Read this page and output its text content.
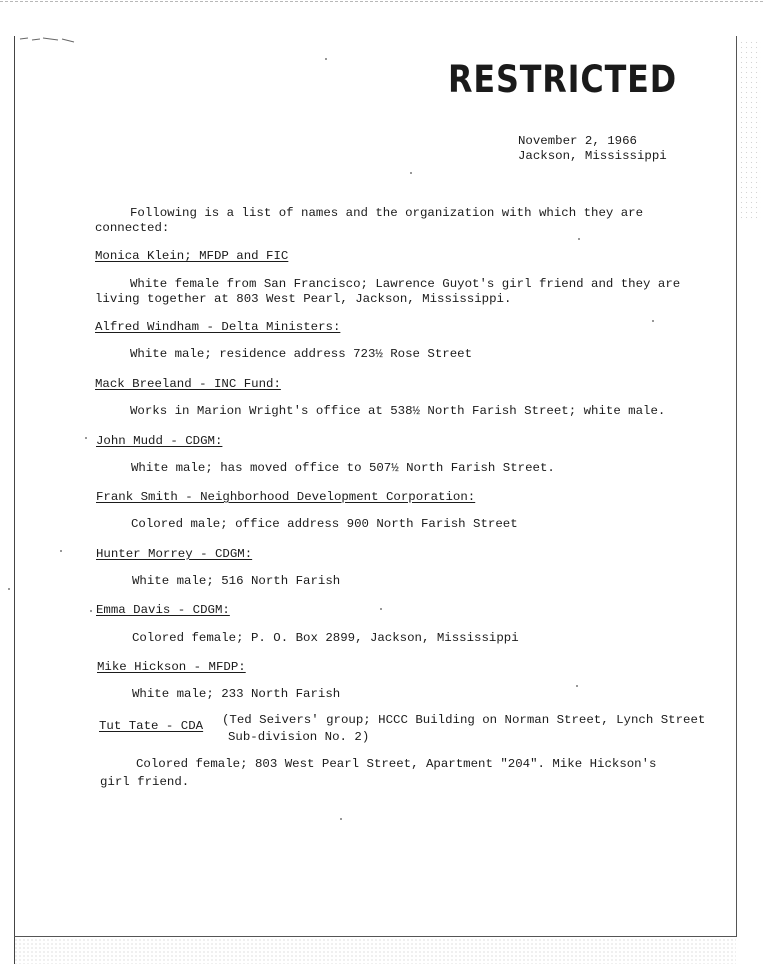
RESTRICTED
November 2, 1966
Jackson, Mississippi
Following is a list of names and the organization with which they are
connected:
Monica Klein; MFDP and FIC
White female from San Francisco; Lawrence Guyot's girl friend and they are
living together at 803 West Pearl, Jackson, Mississippi.
Alfred Windham - Delta Ministers:
White male; residence address 723½ Rose Street
Mack Breeland - INC Fund:
Works in Marion Wright's office at 538½ North Farish Street; white male.
John Mudd - CDGM:
White male; has moved office to 507½ North Farish Street.
Frank Smith - Neighborhood Development Corporation:
Colored male; office address 900 North Farish Street
Hunter Morrey - CDGM:
White male; 516 North Farish
Emma Davis - CDGM:
Colored female; P. O. Box 2899, Jackson, Mississippi
Mike Hickson - MFDP:
White male; 233 North Farish
Tut Tate - CDA (Ted Seivers' group; HCCC Building on Norman Street, Lynch Street
Sub-division No. 2)
Colored female; 803 West Pearl Street, Apartment "204". Mike Hickson's
girl friend.
